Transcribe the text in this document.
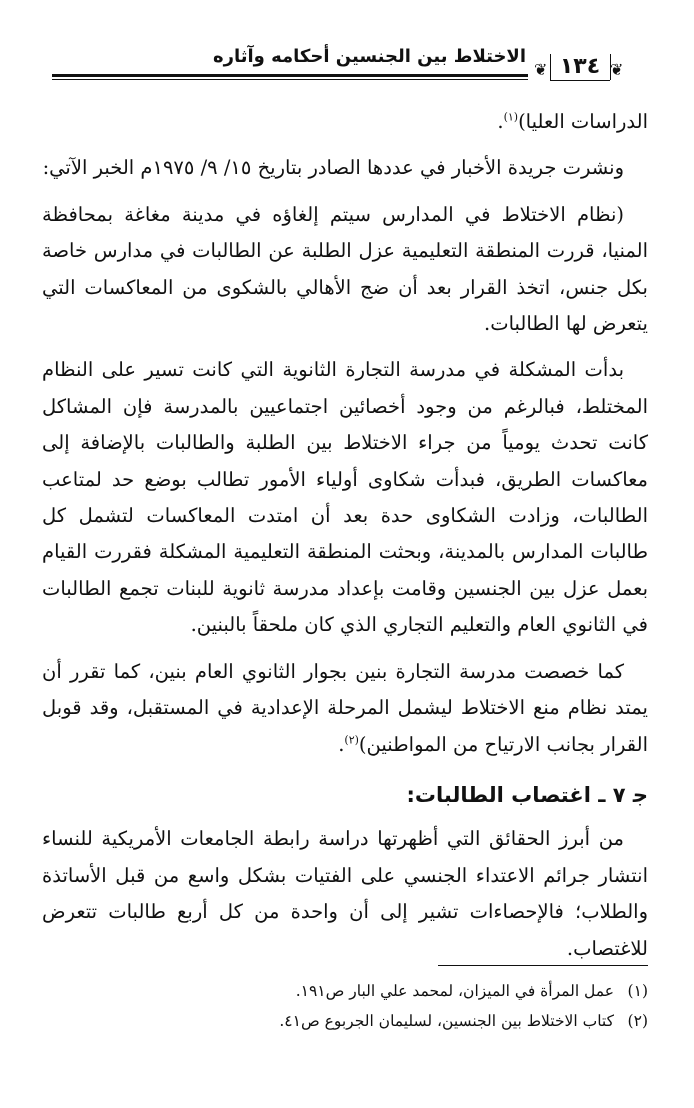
الاختلاط بين الجنسين أحكامه وآثاره
❦ ١٣٤ ❦

الدراسات العليا)$^{(١)}$.

ونشرت جريدة الأخبار في عددها الصادر بتاريخ ١٥/ ٩/ ١٩٧٥م الخبر الآتي:

(نظام الاختلاط في المدارس سيتم إلغاؤه في مدينة مغاغة بمحافظة المنيا، قررت المنطقة التعليمية عزل الطلبة عن الطالبات في مدارس خاصة بكل جنس، اتخذ القرار بعد أن ضج الأهالي بالشكوى من المعاكسات التي يتعرض لها الطالبات.

بدأت المشكلة في مدرسة التجارة الثانوية التي كانت تسير على النظام المختلط، فبالرغم من وجود أخصائين اجتماعيين بالمدرسة فإن المشاكل كانت تحدث يومياً من جراء الاختلاط بين الطلبة والطالبات بالإضافة إلى معاكسات الطريق، فبدأت شكاوى أولياء الأمور تطالب بوضع حد لمتاعب الطالبات، وزادت الشكاوى حدة بعد أن امتدت المعاكسات لتشمل كل طالبات المدارس بالمدينة، وبحثت المنطقة التعليمية المشكلة فقررت القيام بعمل عزل بين الجنسين وقامت بإعداد مدرسة ثانوية للبنات تجمع الطالبات في الثانوي العام والتعليم التجاري الذي كان ملحقاً بالبنين.

كما خصصت مدرسة التجارة بنين بجوار الثانوي العام بنين، كما تقرر أن يمتد نظام منع الاختلاط ليشمل المرحلة الإعدادية في المستقبل، وقد قوبل القرار بجانب الارتياح من المواطنين)$^{(٢)}$.

ﺟ ٧ ـ اغتصاب الطالبات:

من أبرز الحقائق التي أظهرتها دراسة رابطة الجامعات الأمريكية للنساء انتشار جرائم الاعتداء الجنسي على الفتيات بشكل واسع من قبل الأساتذة والطلاب؛ فالإحصاءات تشير إلى أن واحدة من كل أربع طالبات تتعرض للاغتصاب.

(١)عمل المرأة في الميزان، لمحمد علي البار ص١٩١.
(٢)كتاب الاختلاط بين الجنسين، لسليمان الجربوع ص٤١.
